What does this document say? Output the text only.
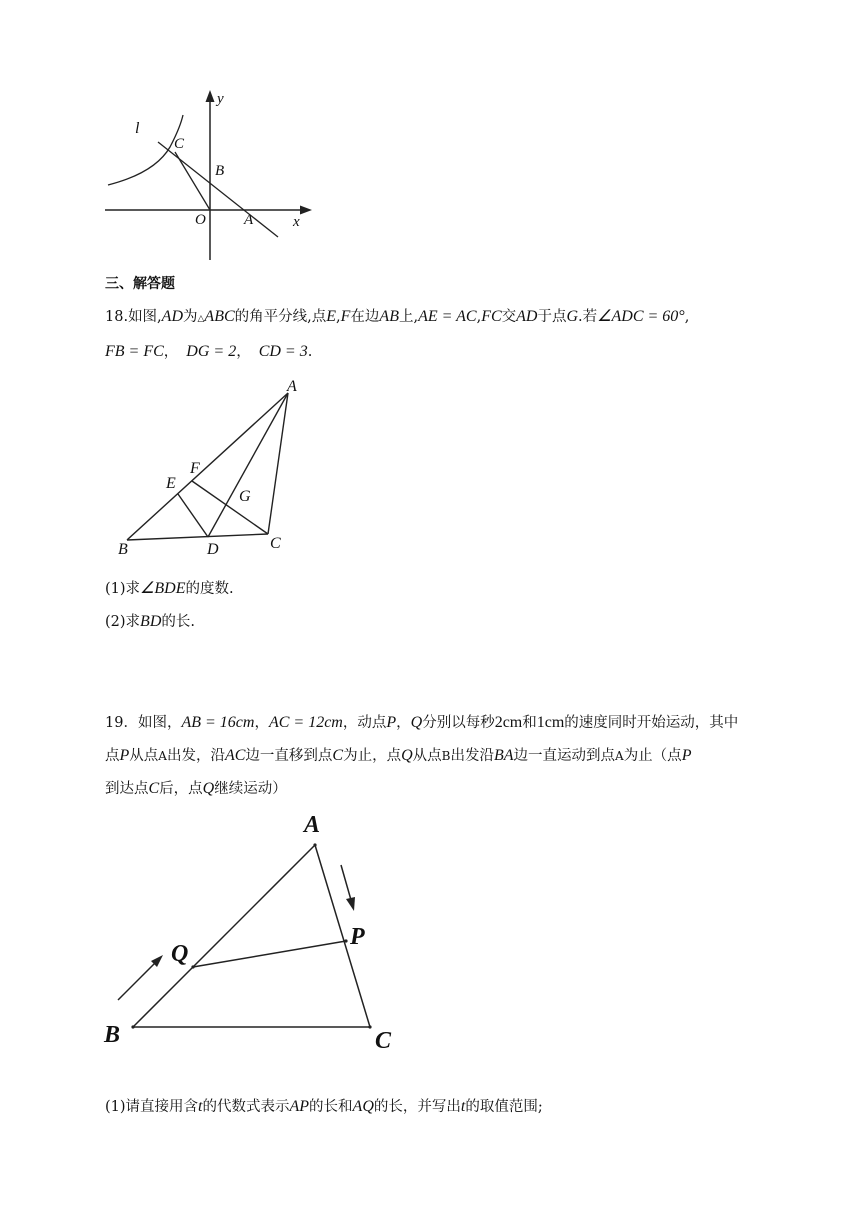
y
l
C
B
O	A	x
三、解答题
18.如图,AD为△ABC的角平分线,点E,F在边AB上,AE = AC,FC交AD于点G.若∠ADC = 60°,
FB = FC， DG = 2， CD = 3.
A
F
E
G
B	D	C
(1)求∠BDE的度数.
(2)求BD的长.
19．如图，AB = 16cm，AC = 12cm，动点P，Q分别以每秒2cm和1cm的速度同时开始运动，其中
点P从点A出发，沿AC边一直移到点C为止，点Q从点B出发沿BA边一直运动到点A为止（点P
到达点C后，点Q继续运动）
A
P
Q
B	C
(1)请直接用含t的代数式表示AP的长和AQ的长，并写出t的取值范围;
